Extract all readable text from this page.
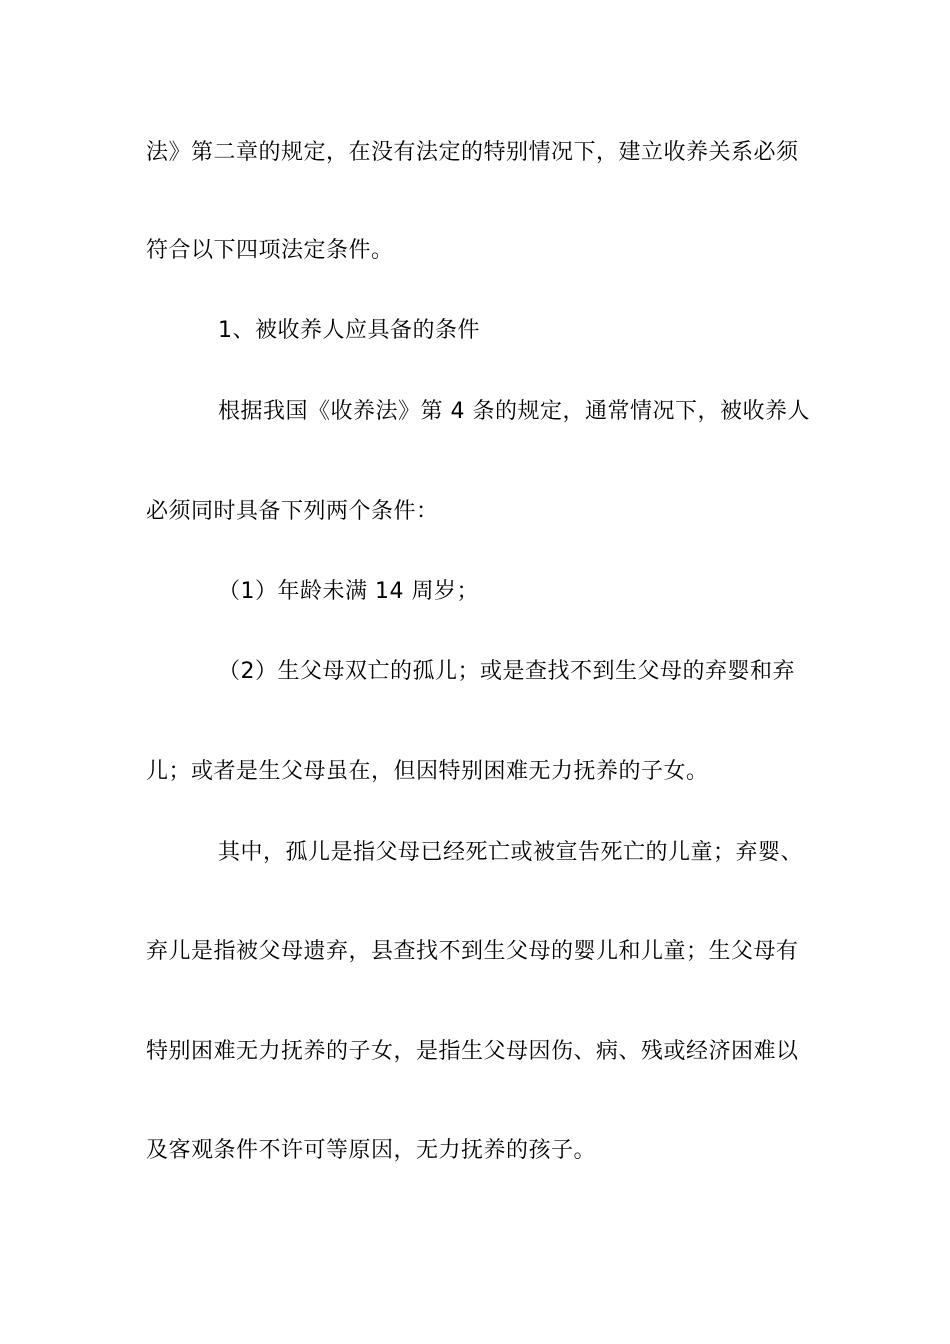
法》第二章的规定，在没有法定的特别情况下，建立收养关系必须
符合以下四项法定条件。
1、被收养人应具备的条件
根据我国《收养法》第 4 条的规定，通常情况下，被收养人
必须同时具备下列两个条件：
（1）年龄未满 14 周岁；
（2）生父母双亡的孤儿；或是查找不到生父母的弃婴和弃
儿；或者是生父母虽在，但因特别困难无力抚养的子女。
其中，孤儿是指父母已经死亡或被宣告死亡的儿童；弃婴、
弃儿是指被父母遗弃，县查找不到生父母的婴儿和儿童；生父母有
特别困难无力抚养的子女，是指生父母因伤、病、残或经济困难以
及客观条件不许可等原因，无力抚养的孩子。
